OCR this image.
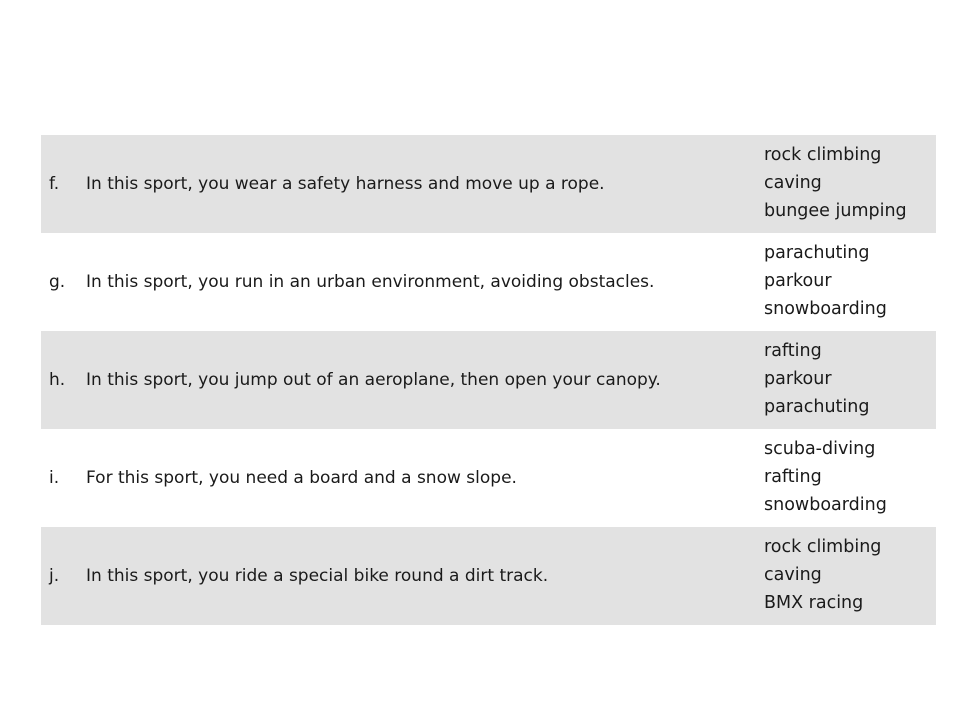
f. In this sport, you wear a safety harness and move up a rope.
rock climbing
caving
bungee jumping
g. In this sport, you run in an urban environment, avoiding obstacles.
parachuting
parkour
snowboarding
h. In this sport, you jump out of an aeroplane, then open your canopy.
rafting
parkour
parachuting
i. For this sport, you need a board and a snow slope.
scuba-diving
rafting
snowboarding
j. In this sport, you ride a special bike round a dirt track.
rock climbing
caving
BMX racing
